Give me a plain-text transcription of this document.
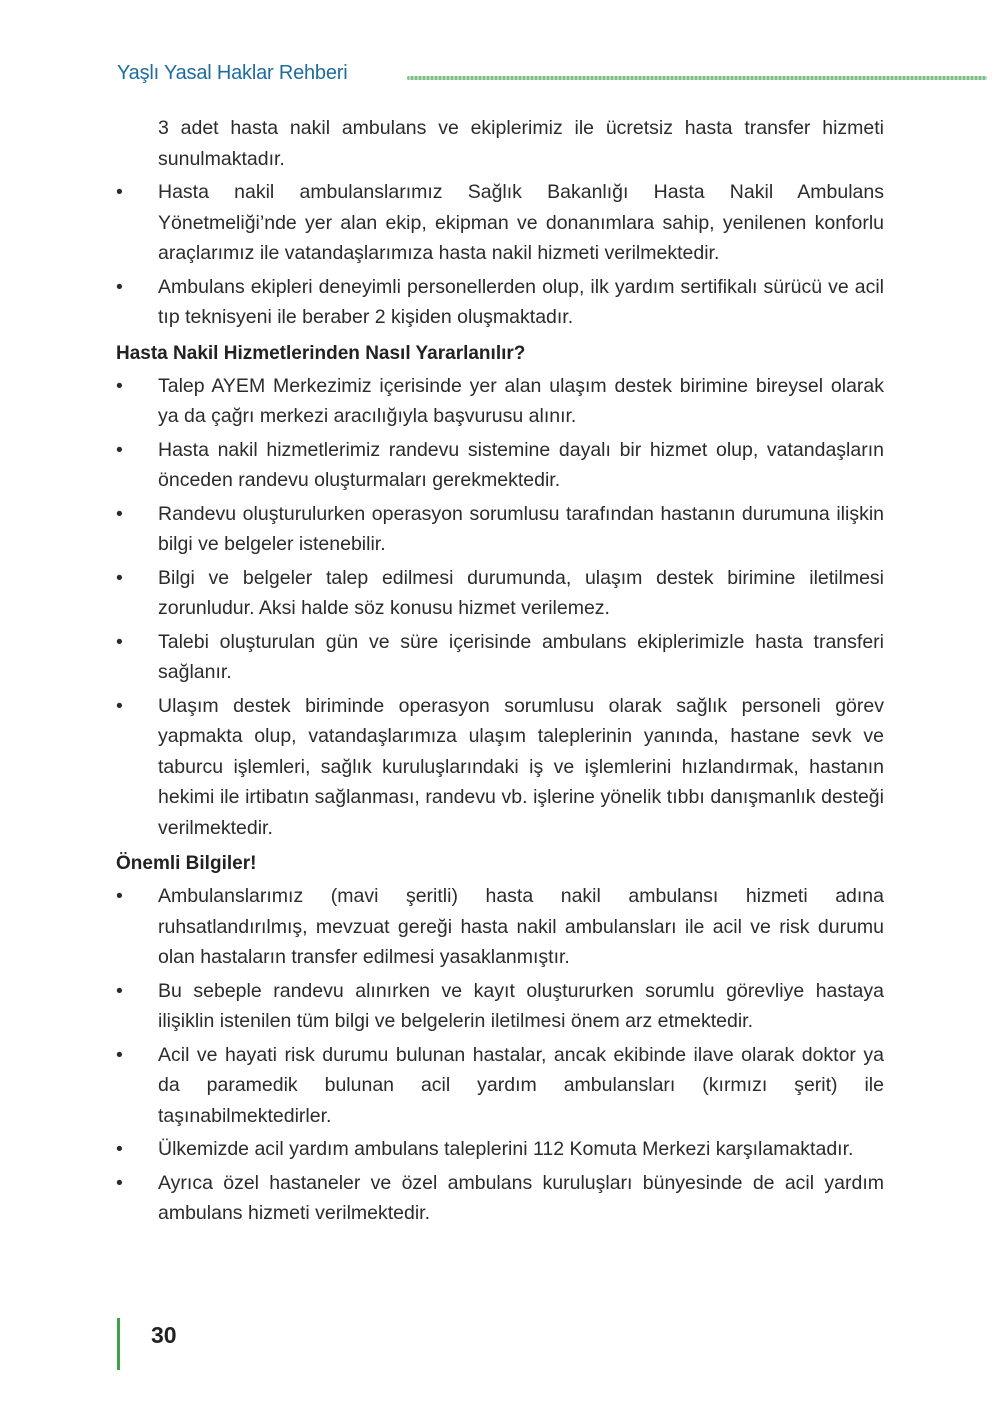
Yaşlı Yasal Haklar Rehberi
3 adet hasta nakil ambulans ve ekiplerimiz ile ücretsiz hasta transfer hizmeti sunulmaktadır.
•	Hasta nakil ambulanslarımız Sağlık Bakanlığı Hasta Nakil Ambulans Yönetmeliği’nde yer alan ekip, ekipman ve donanımlara sahip, yenilenen konforlu araçlarımız ile vatandaşlarımıza hasta nakil hizmeti verilmektedir.
•	Ambulans ekipleri deneyimli personellerden olup, ilk yardım sertifikalı sürücü ve acil tıp teknisyeni ile beraber 2 kişiden oluşmaktadır.
Hasta Nakil Hizmetlerinden Nasıl Yararlanılır?
•	Talep AYEM Merkezimiz içerisinde yer alan ulaşım destek birimine bireysel olarak ya da çağrı merkezi aracılığıyla başvurusu alınır.
•	Hasta nakil hizmetlerimiz randevu sistemine dayalı bir hizmet olup, vatandaşların önceden randevu oluşturmaları gerekmektedir.
•	Randevu oluşturulurken operasyon sorumlusu tarafından hastanın durumuna ilişkin bilgi ve belgeler istenebilir.
•	Bilgi ve belgeler talep edilmesi durumunda, ulaşım destek birimine iletilmesi zorunludur. Aksi halde söz konusu hizmet verilemez.
•	Talebi oluşturulan gün ve süre içerisinde ambulans ekiplerimizle hasta transferi sağlanır.
•	Ulaşım destek biriminde operasyon sorumlusu olarak sağlık personeli görev yapmakta olup, vatandaşlarımıza ulaşım taleplerinin yanında, hastane sevk ve taburcu işlemleri, sağlık kuruluşlarındaki iş ve işlemlerini hızlandırmak, hastanın hekimi ile irtibatın sağlanması, randevu vb. işlerine yönelik tıbbı danışmanlık desteği verilmektedir.
Önemli Bilgiler!
•	Ambulanslarımız (mavi şeritli) hasta nakil ambulansı hizmeti adına ruhsatlandırılmış, mevzuat gereği hasta nakil ambulansları ile acil ve risk durumu olan hastaların transfer edilmesi yasaklanmıştır.
•	Bu sebeple randevu alınırken ve kayıt oluştururken sorumlu görevliye hastaya ilişiklin istenilen tüm bilgi ve belgelerin iletilmesi önem arz etmektedir.
•	Acil ve hayati risk durumu bulunan hastalar, ancak ekibinde ilave olarak doktor ya da paramedik bulunan acil yardım ambulansları (kırmızı şerit) ile taşınabilmektedirler.
•	Ülkemizde acil yardım ambulans taleplerini 112 Komuta Merkezi karşılamaktadır.
•	Ayrıca özel hastaneler ve özel ambulans kuruluşları bünyesinde de acil yardım ambulans hizmeti verilmektedir.
30
